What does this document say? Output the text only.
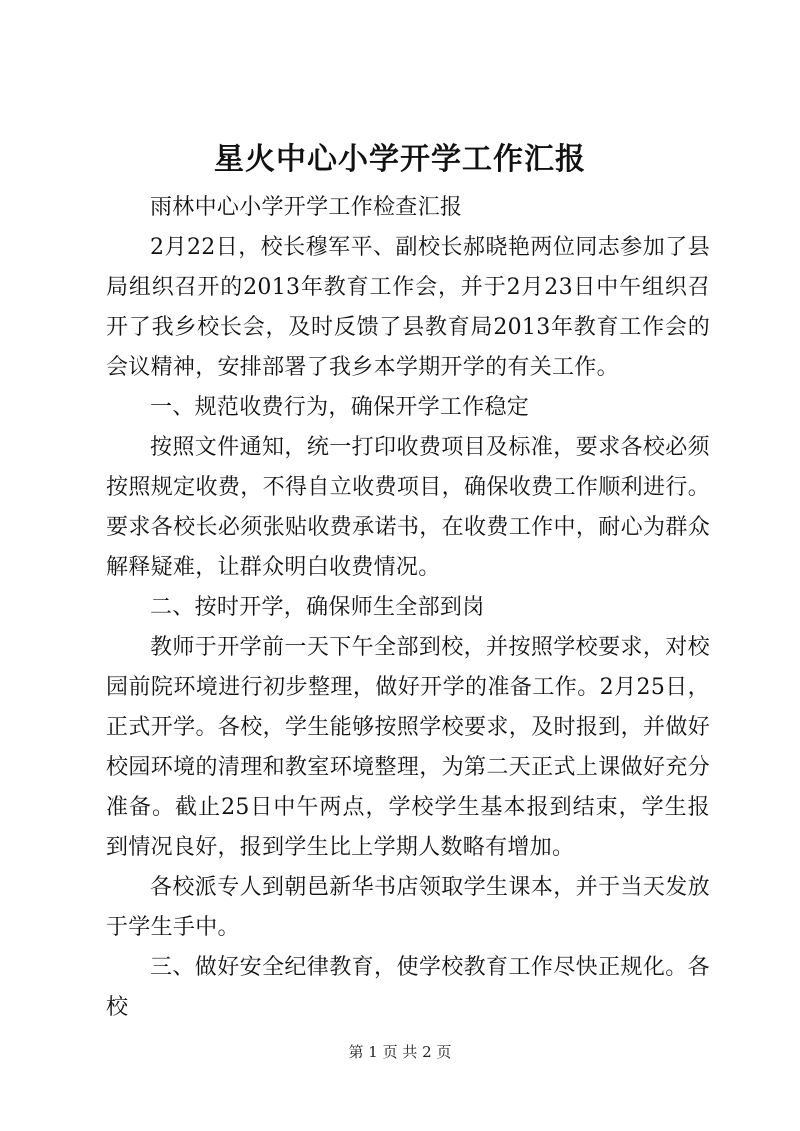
星火中心小学开学工作汇报

雨林中心小学开学工作检查汇报

2月22日，校长穆军平、副校长郝晓艳两位同志参加了县局组织召开的2013年教育工作会，并于2月23日中午组织召开了我乡校长会，及时反馈了县教育局2013年教育工作会的会议精神，安排部署了我乡本学期开学的有关工作。

一、规范收费行为，确保开学工作稳定

按照文件通知，统一打印收费项目及标准，要求各校必须按照规定收费，不得自立收费项目，确保收费工作顺利进行。要求各校长必须张贴收费承诺书，在收费工作中，耐心为群众解释疑难，让群众明白收费情况。

二、按时开学，确保师生全部到岗

教师于开学前一天下午全部到校，并按照学校要求，对校园前院环境进行初步整理，做好开学的准备工作。2月25日，正式开学。各校，学生能够按照学校要求，及时报到，并做好校园环境的清理和教室环境整理，为第二天正式上课做好充分准备。截止25日中午两点，学校学生基本报到结束，学生报到情况良好，报到学生比上学期人数略有增加。

各校派专人到朝邑新华书店领取学生课本，并于当天发放于学生手中。

三、做好安全纪律教育，使学校教育工作尽快正规化。各校

第 1 页 共 2 页
